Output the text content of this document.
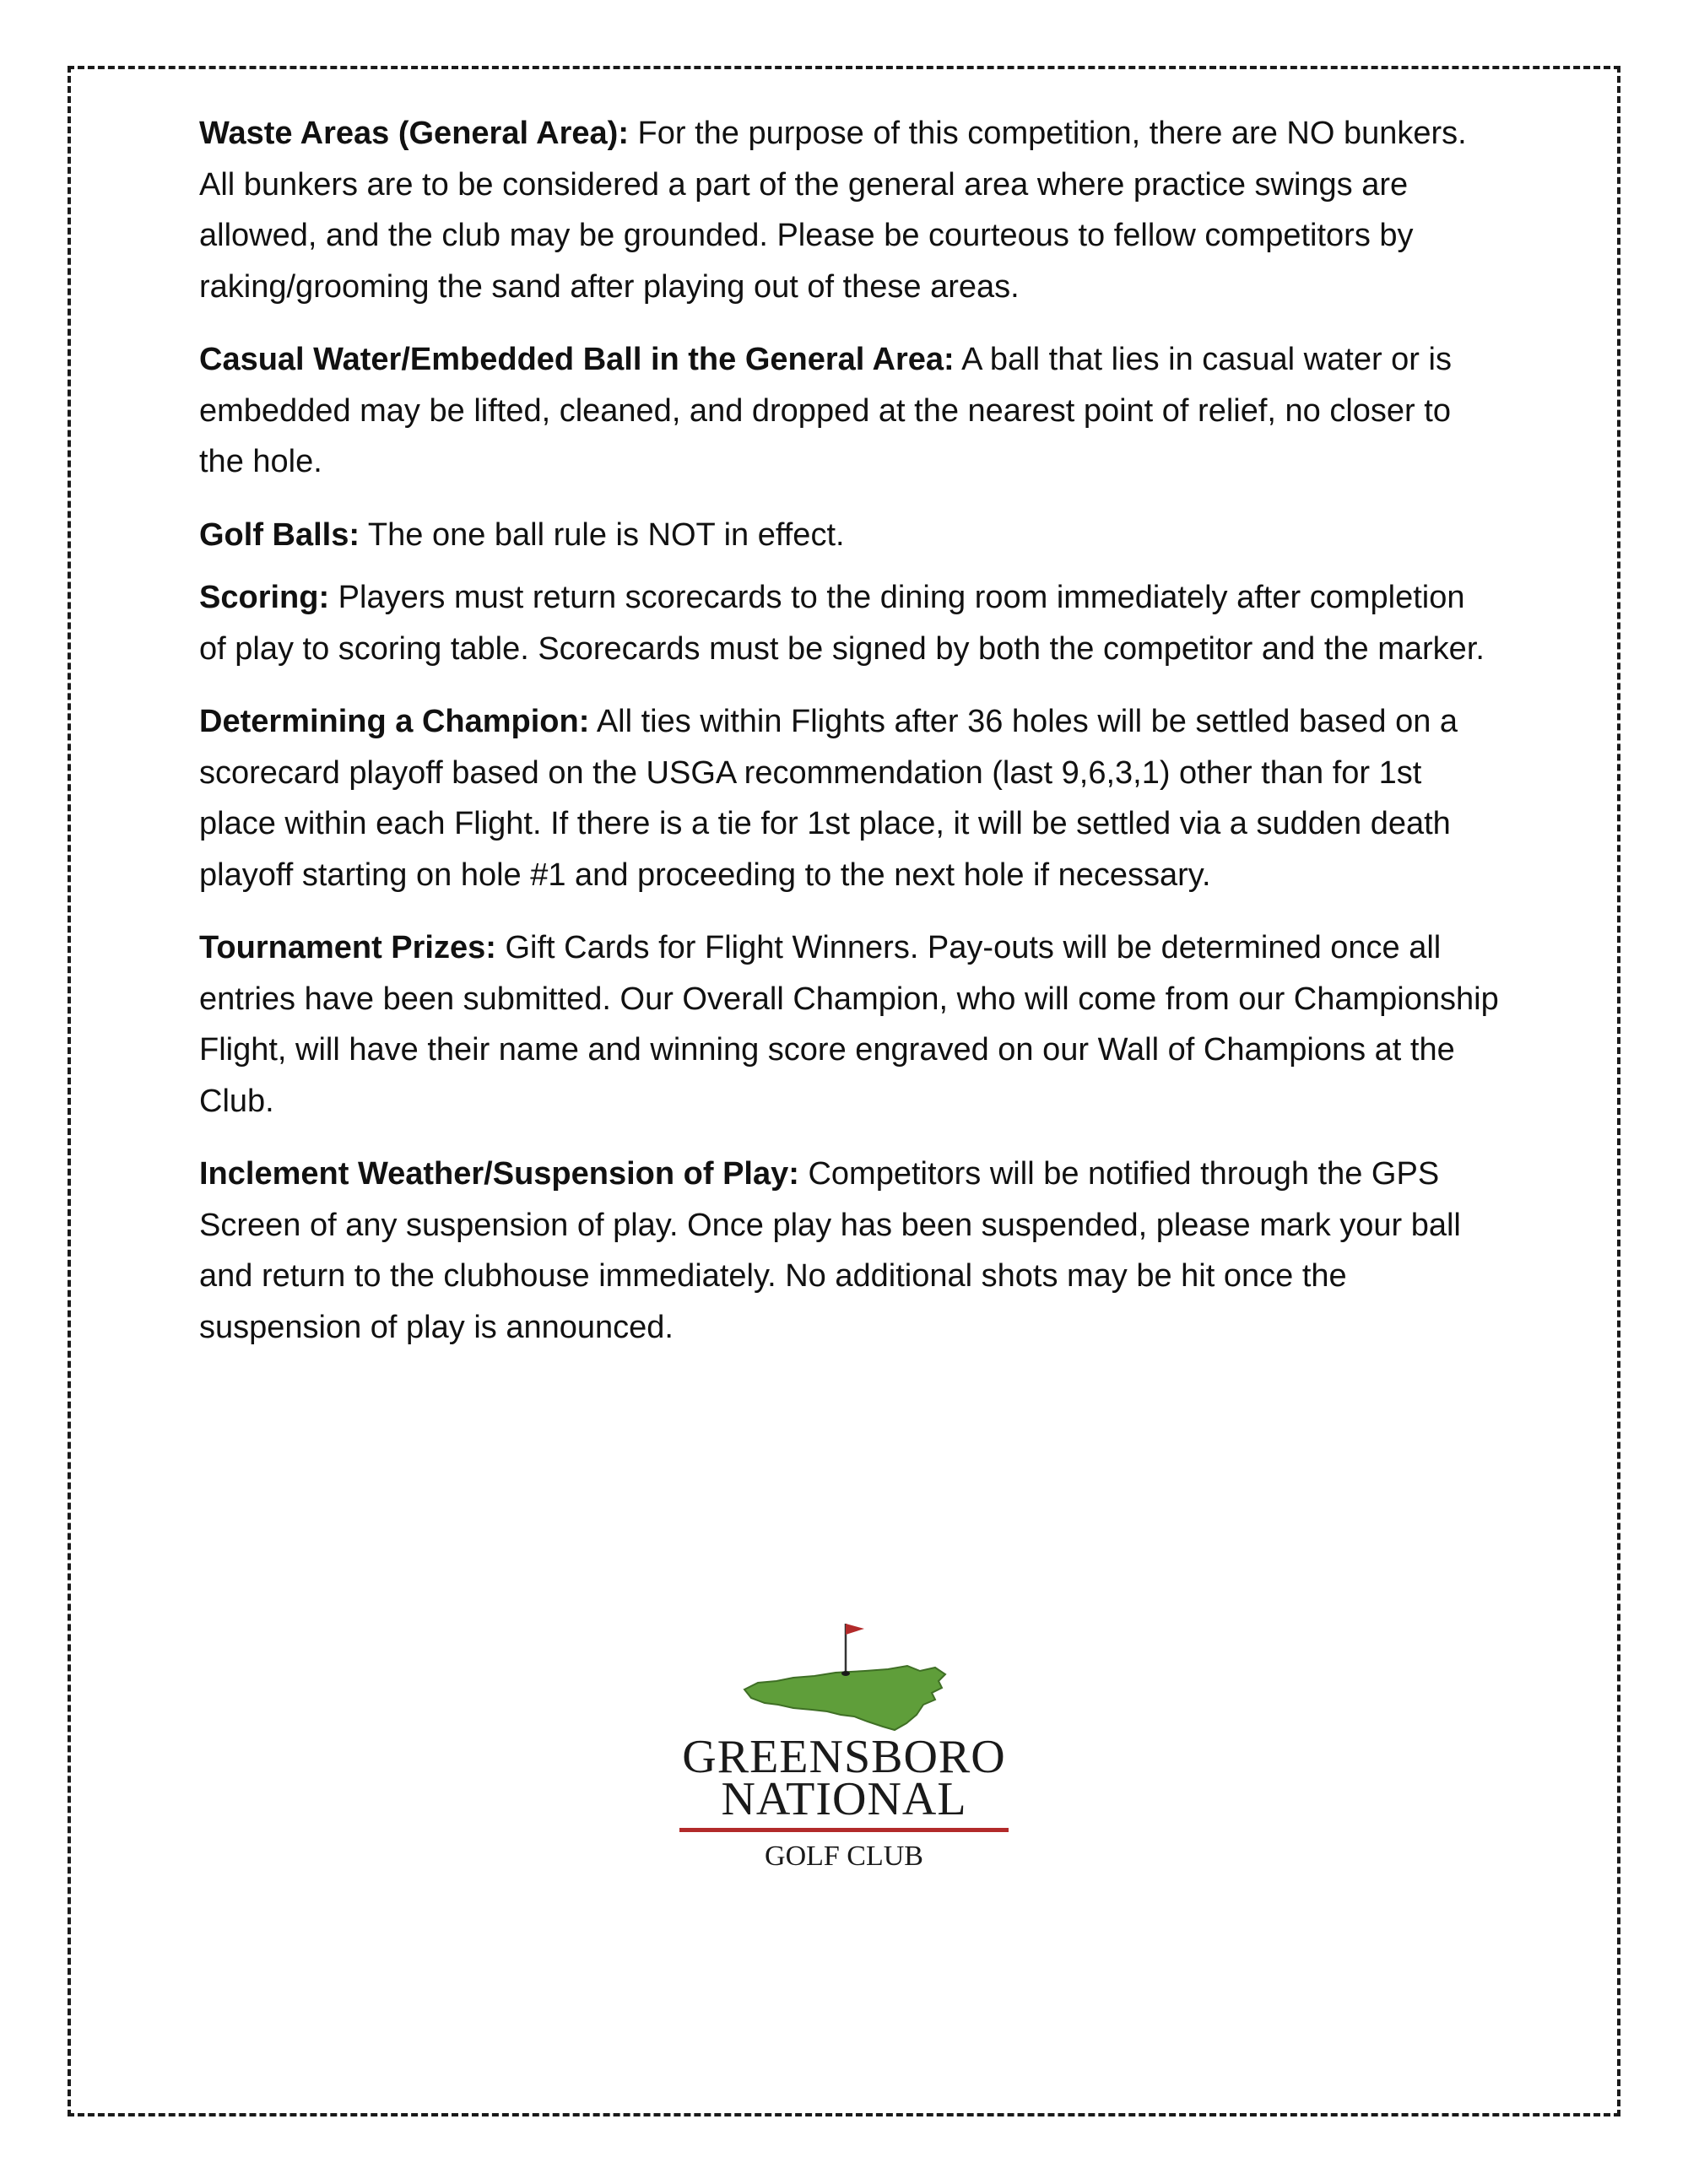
Waste Areas (General Area): For the purpose of this competition, there are NO bunkers. All bunkers are to be considered a part of the general area where practice swings are allowed, and the club may be grounded. Please be courteous to fellow competitors by raking/grooming the sand after playing out of these areas.

Casual Water/Embedded Ball in the General Area: A ball that lies in casual water or is embedded may be lifted, cleaned, and dropped at the nearest point of relief, no closer to the hole.

Golf Balls: The one ball rule is NOT in effect.

Scoring: Players must return scorecards to the dining room immediately after completion of play to scoring table. Scorecards must be signed by both the competitor and the marker.

Determining a Champion: All ties within Flights after 36 holes will be settled based on a scorecard playoff based on the USGA recommendation (last 9,6,3,1) other than for 1st place within each Flight. If there is a tie for 1st place, it will be settled via a sudden death playoff starting on hole #1 and proceeding to the next hole if necessary.

Tournament Prizes: Gift Cards for Flight Winners. Pay-outs will be determined once all entries have been submitted. Our Overall Champion, who will come from our Championship Flight, will have their name and winning score engraved on our Wall of Champions at the Club.

Inclement Weather/Suspension of Play: Competitors will be notified through the GPS Screen of any suspension of play. Once play has been suspended, please mark your ball and return to the clubhouse immediately. No additional shots may be hit once the suspension of play is announced.

GREENSBORO
NATIONAL
GOLF CLUB
